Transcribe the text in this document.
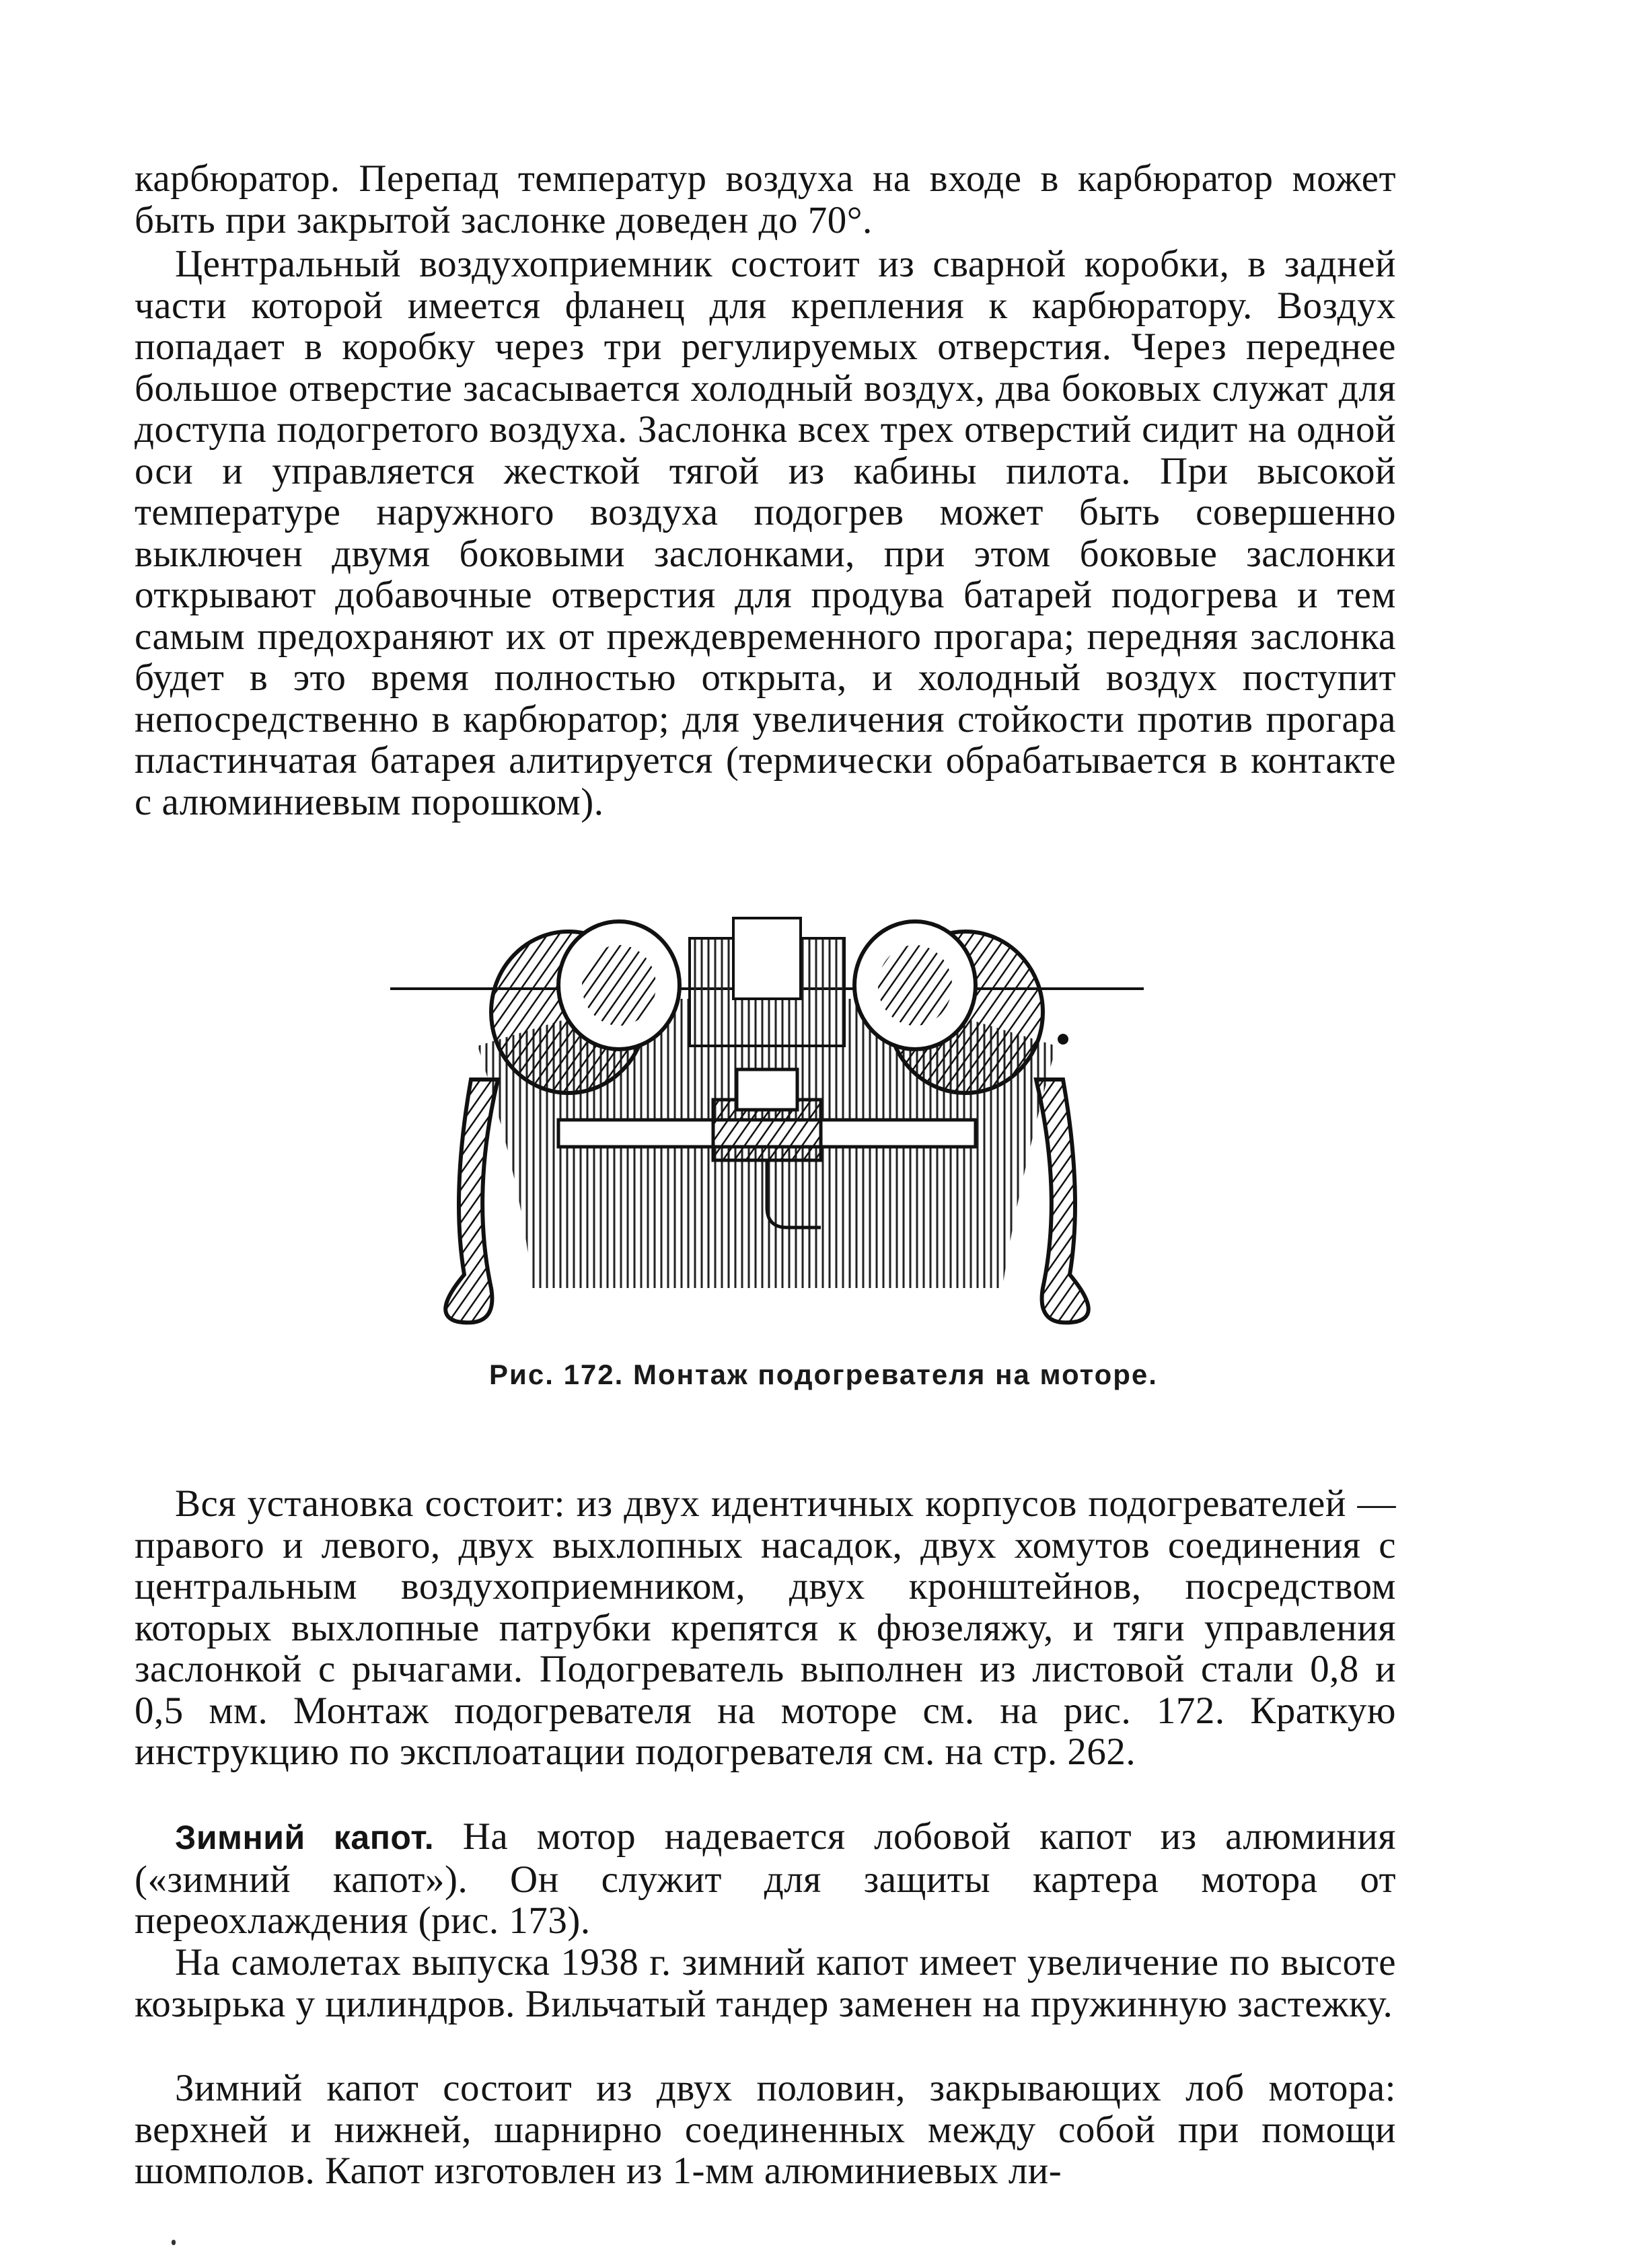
карбюратор. Перепад температур воздуха на входе в карбюратор может быть при закрытой заслонке доведен до 70°.

Центральный воздухоприемник состоит из сварной коробки, в задней части которой имеется фланец для крепления к карбюратору. Воздух попадает в коробку через три регулируемых отверстия. Через переднее большое отверстие засасывается холодный воздух, два боковых служат для доступа подогретого воздуха. Заслонка всех трех отверстий сидит на одной оси и управляется жесткой тягой из кабины пилота. При высокой температуре наружного воздуха подогрев может быть совершенно выключен двумя боковыми заслонками, при этом боковые заслонки открывают добавочные отверстия для продува батарей подогрева и тем самым предохраняют их от преждевременного прогара; передняя заслонка будет в это время полностью открыта, и холодный воздух поступит непосредственно в карбюратор; для увеличения стойкости против прогара пластинчатая батарея алитируется (термически обрабатывается в контакте с алюминиевым порошком).

Рис. 172. Монтаж подогревателя на моторе.

Вся установка состоит: из двух идентичных корпусов подогревателей — правого и левого, двух выхлопных насадок, двух хомутов соединения с центральным воздухоприемником, двух кронштейнов, посредством которых выхлопные патрубки крепятся к фюзеляжу, и тяги управления заслонкой с рычагами. Подогреватель выполнен из листовой стали 0,8 и 0,5 мм. Монтаж подогревателя на моторе см. на рис. 172. Краткую инструкцию по эксплоатации подогревателя см. на стр. 262.

Зимний капот. На мотор надевается лобовой капот из алюминия («зимний капот»). Он служит для защиты картера мотора от переохлаждения (рис. 173).

На самолетах выпуска 1938 г. зимний капот имеет увеличение по высоте козырька у цилиндров. Вильчатый тандер заменен на пружинную застежку.

Зимний капот состоит из двух половин, закрывающих лоб мотора: верхней и нижней, шарнирно соединенных между собой при помощи шомполов. Капот изготовлен из 1-мм алюминиевых ли-
